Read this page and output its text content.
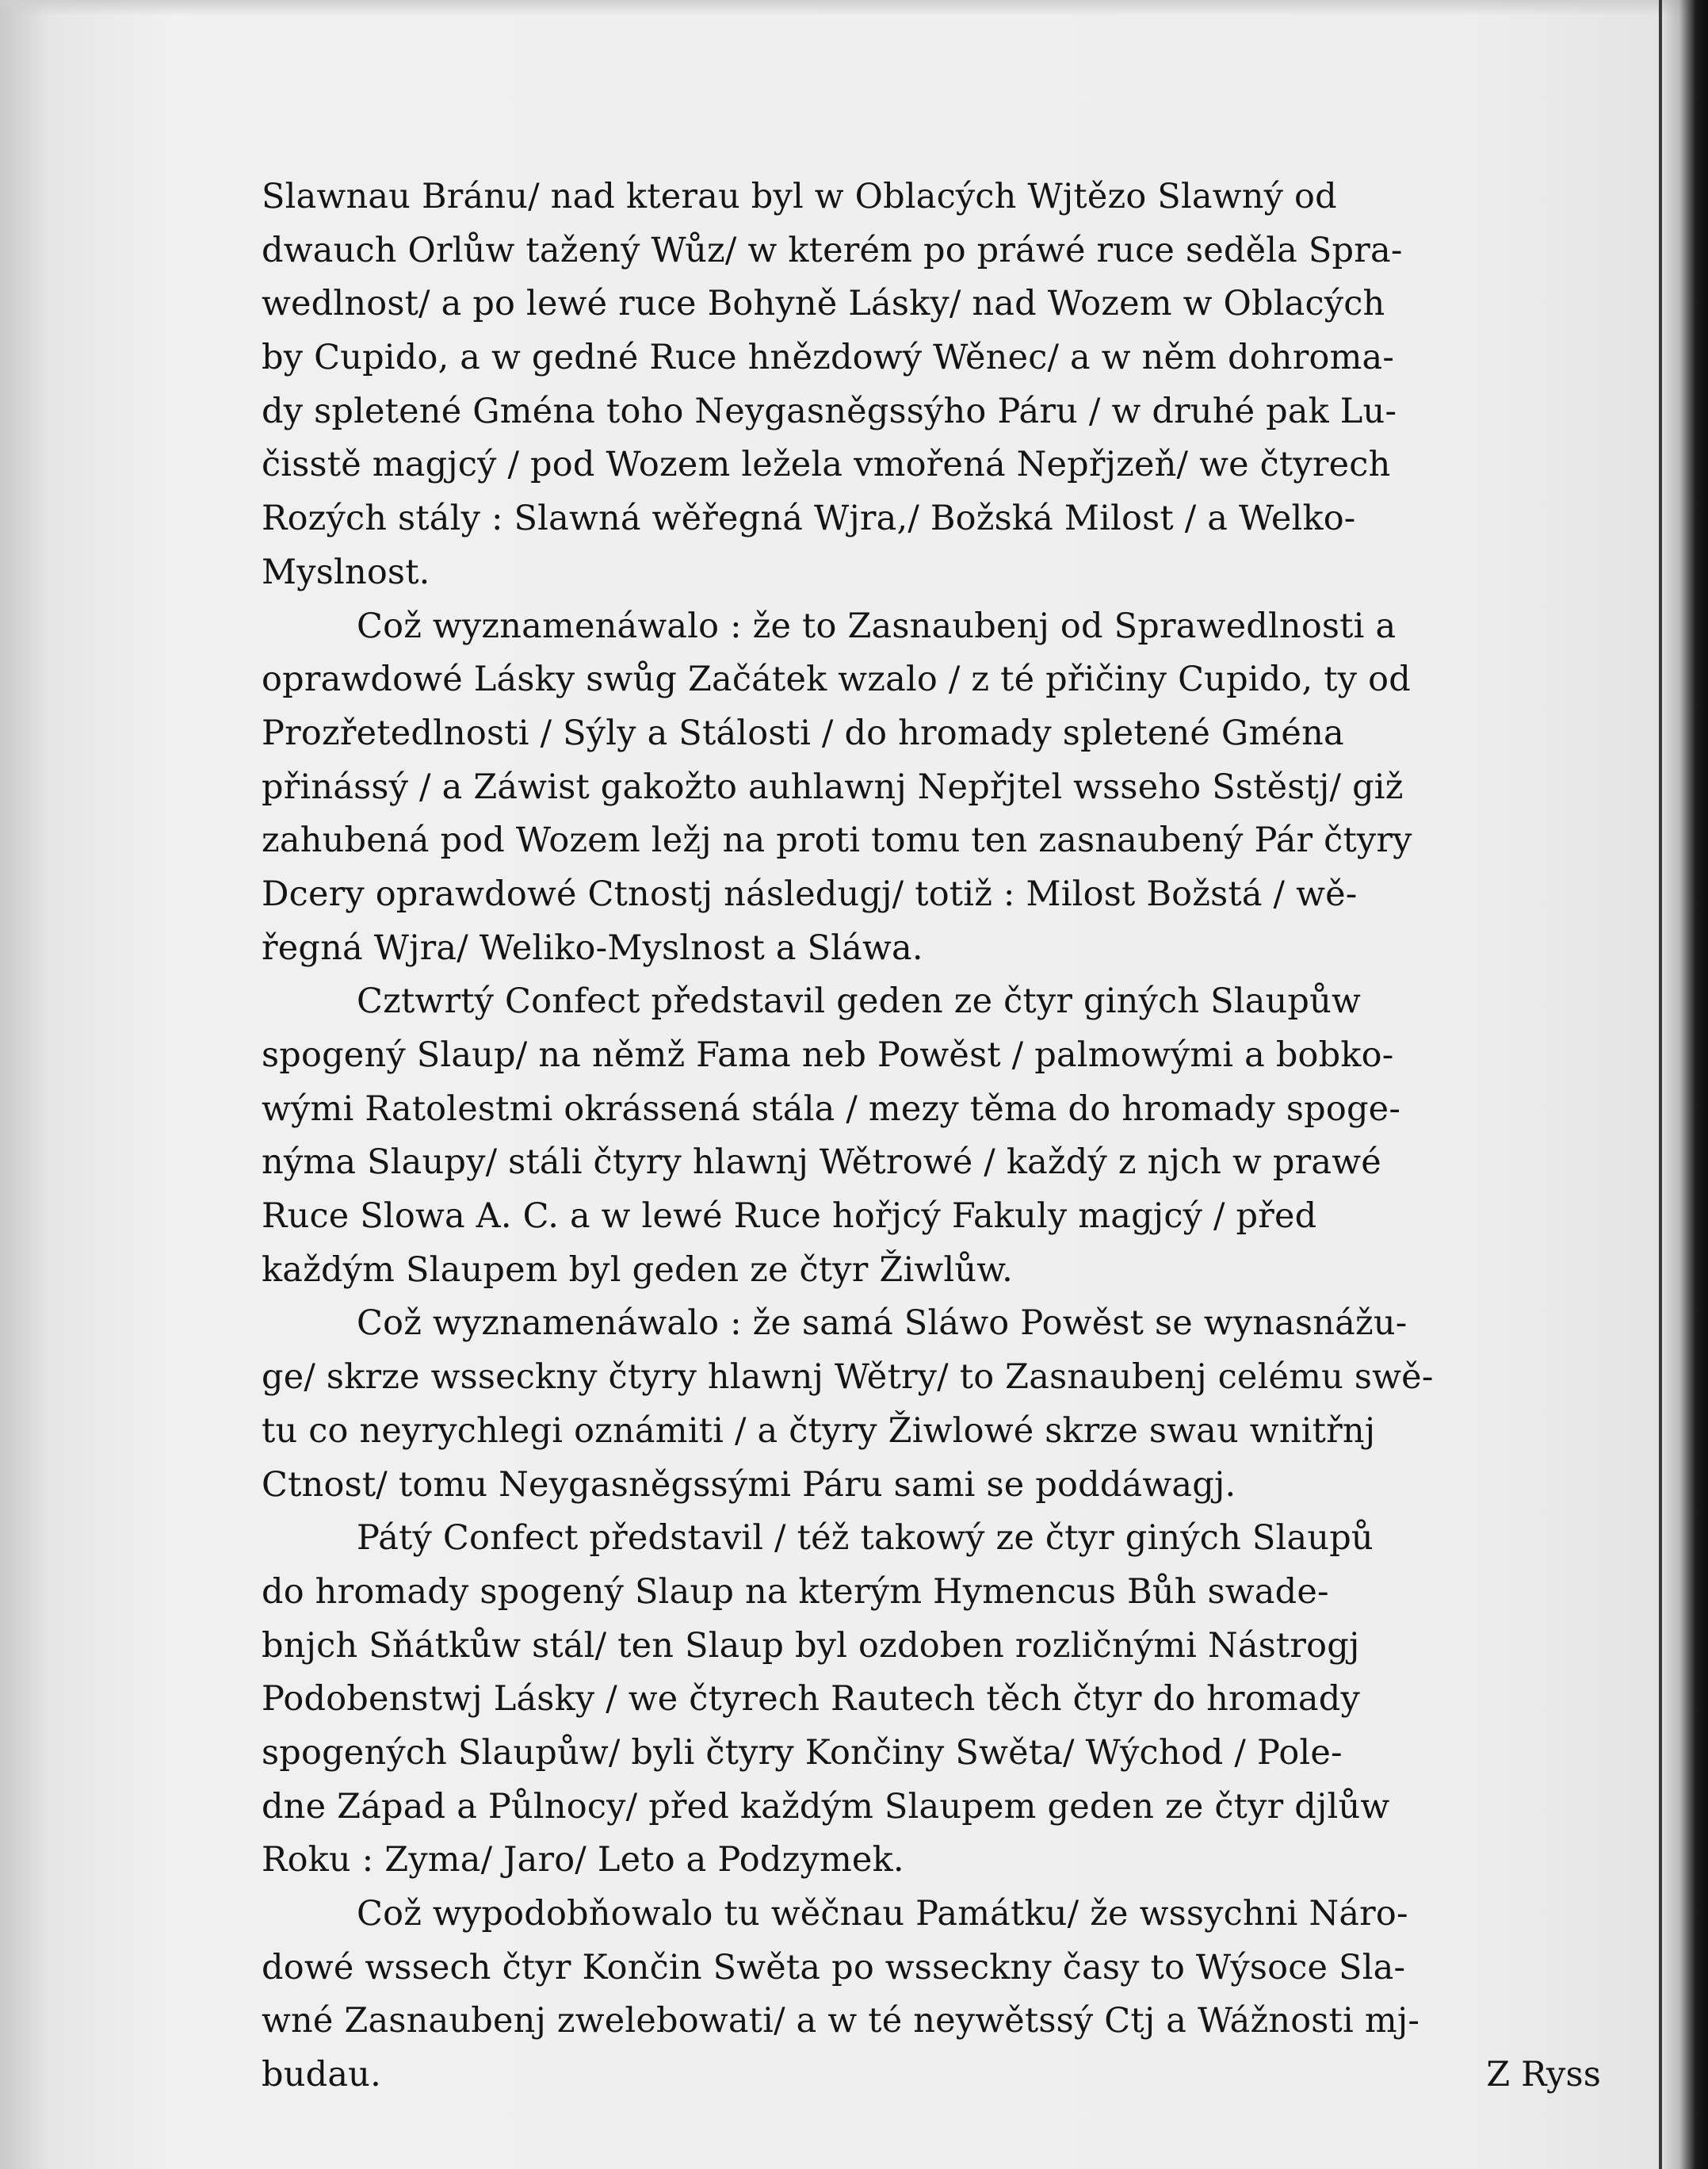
Slawnau Bránu/ nad kterau byl w Oblacých Wjtězo Slawný od
dwauch Orlůw tažený Wůz/ w kterém po práwé ruce seděla Spra‑
wedlnost/ a po lewé ruce Bohyně Lásky/ nad Wozem w Oblacých
by Cupido, a w gedné Ruce hnězdowý Wěnec/ a w něm dohroma‑
dy spletené Gména toho Neygasněgssýho Páru / w druhé pak Lu‑
čisstě magjcý / pod Wozem ležela vmořená Nepřjzeň/ we čtyrech
Rozých stály : Slawná wěřegná Wjra,/ Božská Milost / a Welko‑
Myslnost.
Což wyznamenáwalo : že to Zasnaubenj od Sprawedlnosti a
oprawdowé Lásky swůg Začátek wzalo / z té přičiny Cupido, ty od
Prozřetedlnosti / Sýly a Stálosti / do hromady spletené Gména
přinássý / a Záwist gakožto auhlawnj Nepřjtel wsseho Sstěstj/ giž
zahubená pod Wozem ležj na proti tomu ten zasnaubený Pár čtyry
Dcery oprawdowé Ctnostj následugj/ totiž : Milost Božstá / wě‑
řegná Wjra/ Weliko‑Myslnost a Sláwa.
Cztwrtý Confect představil geden ze čtyr giných Slaupůw
spogený Slaup/ na němž Fama neb Powěst / palmowými a bobko‑
wými Ratolestmi okrássená stála / mezy těma do hromady spoge‑
nýma Slaupy/ stáli čtyry hlawnj Wětrowé / každý z njch w prawé
Ruce Slowa A. C. a w lewé Ruce hořjcý Fakuly magjcý / před
každým Slaupem byl geden ze čtyr Žiwlůw.
Což wyznamenáwalo : že samá Sláwo Powěst se wynasnážu‑
ge/ skrze wsseckny čtyry hlawnj Wětry/ to Zasnaubenj celému swě‑
tu co neyrychlegi oznámiti / a čtyry Žiwlowé skrze swau wnitřnj
Ctnost/ tomu Neygasněgssými Páru sami se poddáwagj.
Pátý Confect představil / též takowý ze čtyr giných Slaupů
do hromady spogený Slaup na kterým Hymencus Bůh swade‑
bnjch Sňátkůw stál/ ten Slaup byl ozdoben rozličnými Nástrogj
Podobenstwj Lásky / we čtyrech Rautech těch čtyr do hromady
spogených Slaupůw/ byli čtyry Končiny Swěta/ Wýchod / Pole‑
dne Západ a Půlnocy/ před každým Slaupem geden ze čtyr djlůw
Roku : Zyma/ Jaro/ Leto a Podzymek.
Což wypodobňowalo tu wěčnau Památku/ že wssychni Náro‑
dowé wssech čtyr Končin Swěta po wsseckny časy to Wýsoce Sla‑
wné Zasnaubenj zwelebowati/ a w té neywětssý Ctj a Wážnosti mj‑
budau.	Z Ryss
